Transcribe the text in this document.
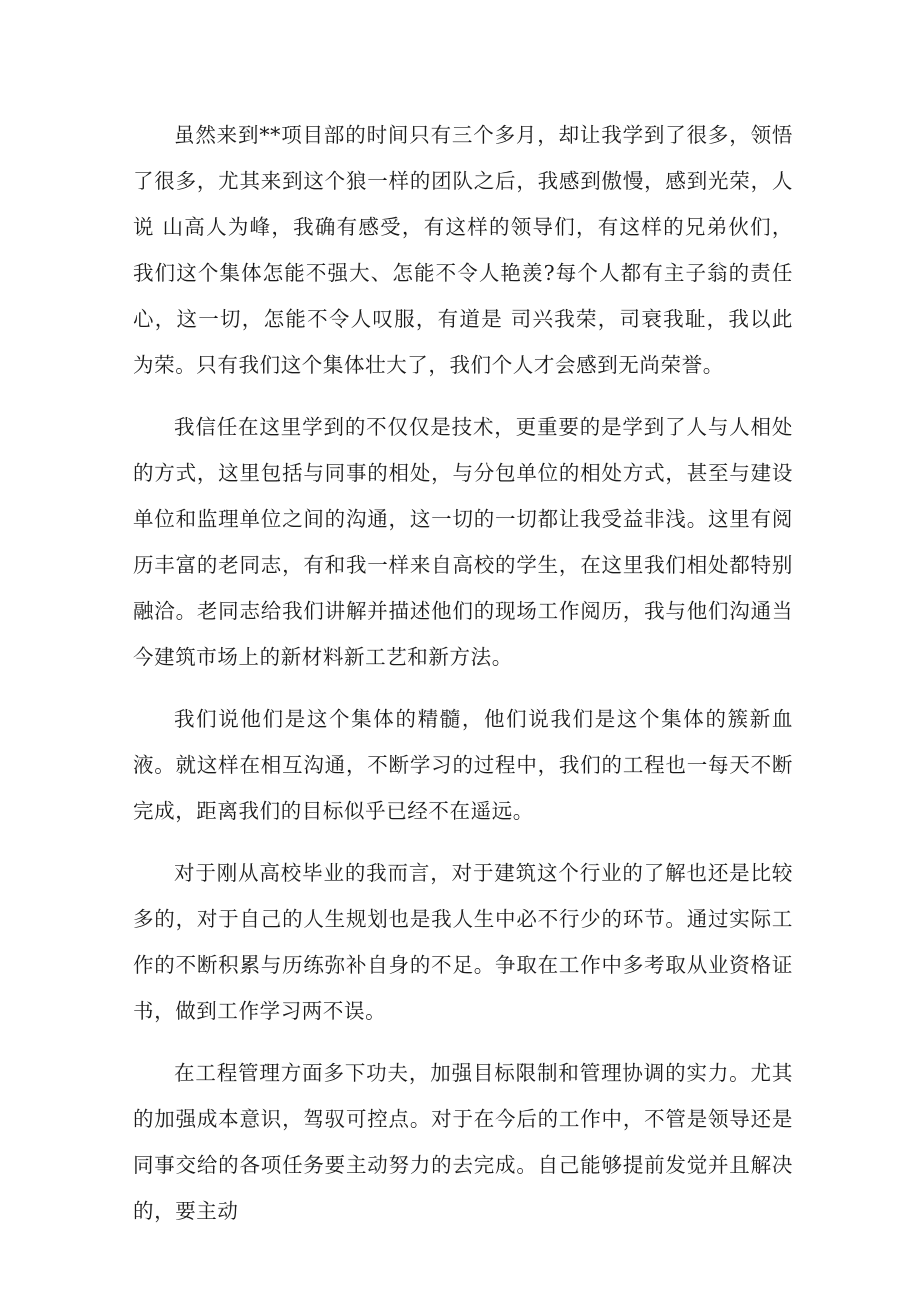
虽然来到**项目部的时间只有三个多月，却让我学到了很多，领悟了很多，尤其来到这个狼一样的团队之后，我感到傲慢，感到光荣，人说 山高人为峰，我确有感受，有这样的领导们，有这样的兄弟伙们，我们这个集体怎能不强大、怎能不令人艳羡?每个人都有主子翁的责任心，这一切，怎能不令人叹服，有道是 司兴我荣，司衰我耻，我以此为荣。只有我们这个集体壮大了，我们个人才会感到无尚荣誉。

我信任在这里学到的不仅仅是技术，更重要的是学到了人与人相处的方式，这里包括与同事的相处，与分包单位的相处方式，甚至与建设单位和监理单位之间的沟通，这一切的一切都让我受益非浅。这里有阅历丰富的老同志，有和我一样来自高校的学生，在这里我们相处都特别融洽。老同志给我们讲解并描述他们的现场工作阅历，我与他们沟通当今建筑市场上的新材料新工艺和新方法。

我们说他们是这个集体的精髓，他们说我们是这个集体的簇新血液。就这样在相互沟通，不断学习的过程中，我们的工程也一每天不断完成，距离我们的目标似乎已经不在遥远。

对于刚从高校毕业的我而言，对于建筑这个行业的了解也还是比较多的，对于自己的人生规划也是我人生中必不行少的环节。通过实际工作的不断积累与历练弥补自身的不足。争取在工作中多考取从业资格证书，做到工作学习两不误。

在工程管理方面多下功夫，加强目标限制和管理协调的实力。尤其的加强成本意识，驾驭可控点。对于在今后的工作中，不管是领导还是同事交给的各项任务要主动努力的去完成。自己能够提前发觉并且解决的，要主动
